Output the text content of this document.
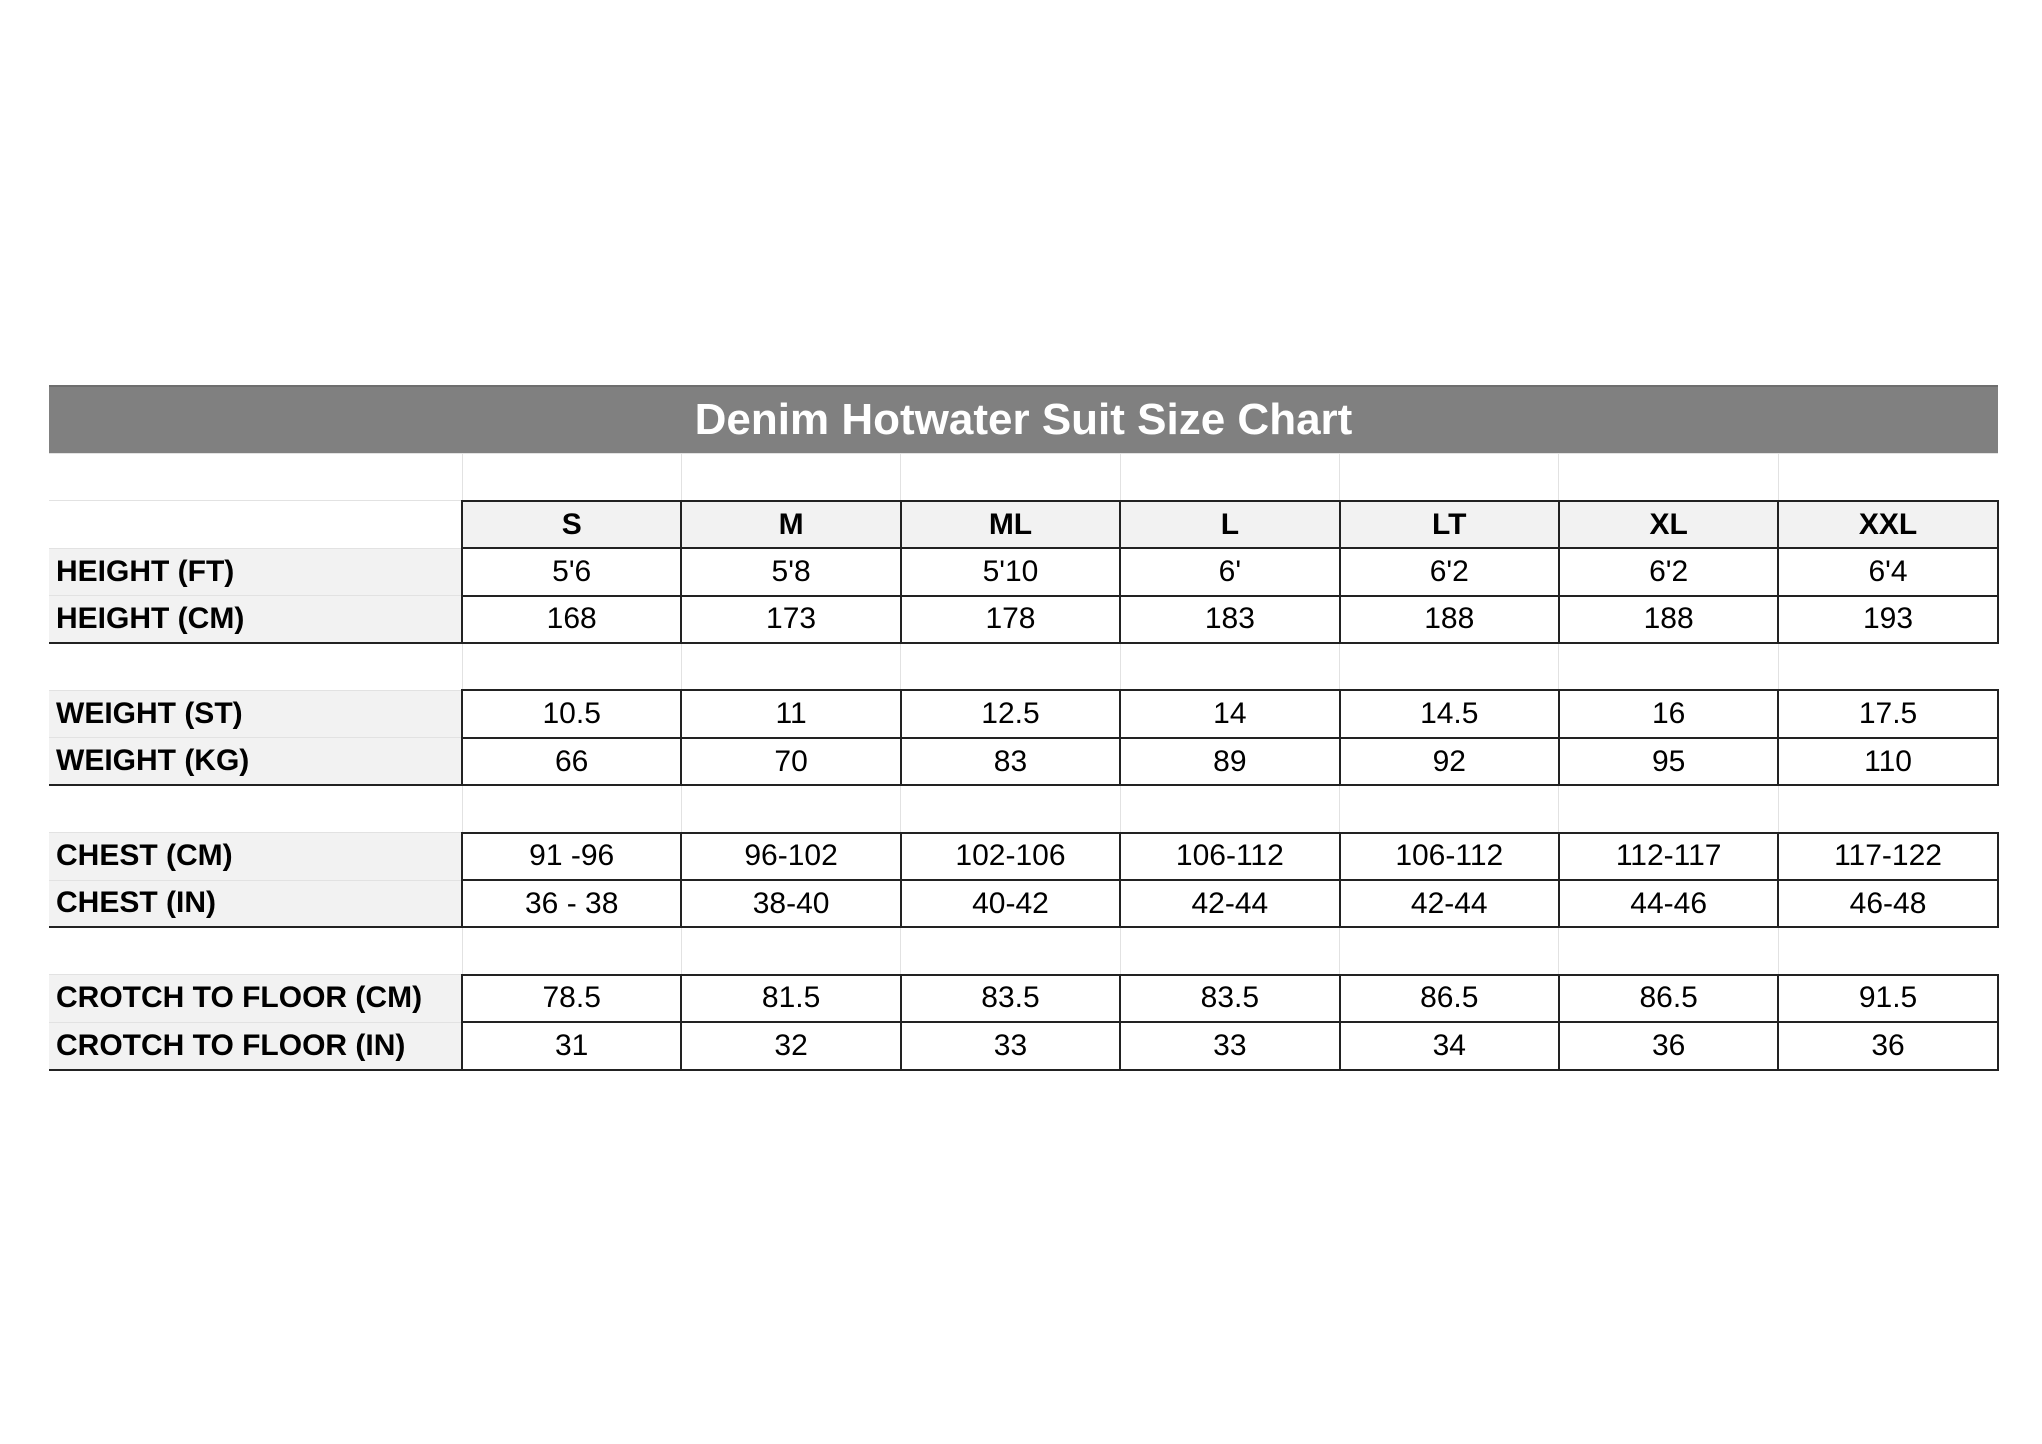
Denim Hotwater Suit Size Chart

	S	M	ML	L	LT	XL	XXL
HEIGHT (FT)	5'6	5'8	5'10	6'	6'2	6'2	6'4
HEIGHT (CM)	168	173	178	183	188	188	193

WEIGHT (ST)	10.5	11	12.5	14	14.5	16	17.5
WEIGHT (KG)	66	70	83	89	92	95	110

CHEST (CM)	91 -96	96-102	102-106	106-112	106-112	112-117	117-122
CHEST (IN)	36 - 38	38-40	40-42	42-44	42-44	44-46	46-48

CROTCH TO FLOOR (CM)	78.5	81.5	83.5	83.5	86.5	86.5	91.5
CROTCH TO FLOOR (IN)	31	32	33	33	34	36	36
